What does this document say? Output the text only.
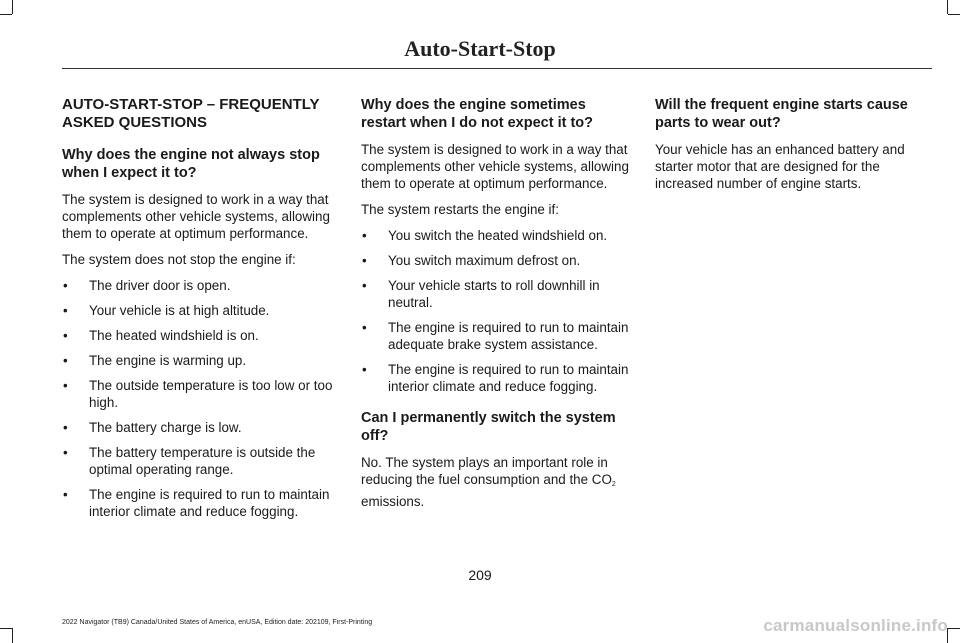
Auto-Start-Stop
AUTO-START-STOP – FREQUENTLY ASKED QUESTIONS
Why does the engine not always stop when I expect it to?

The system is designed to work in a way that complements other vehicle systems, allowing them to operate at optimum performance.

The system does not stop the engine if:

• The driver door is open.
• Your vehicle is at high altitude.
• The heated windshield is on.
• The engine is warming up.
• The outside temperature is too low or too high.
• The battery charge is low.
• The battery temperature is outside the optimal operating range.
• The engine is required to run to maintain interior climate and reduce fogging.
Why does the engine sometimes restart when I do not expect it to?

The system is designed to work in a way that complements other vehicle systems, allowing them to operate at optimum performance.

The system restarts the engine if:

• You switch the heated windshield on.
• You switch maximum defrost on.
• Your vehicle starts to roll downhill in neutral.
• The engine is required to run to maintain adequate brake system assistance.
• The engine is required to run to maintain interior climate and reduce fogging.
Can I permanently switch the system off?

No. The system plays an important role in reducing the fuel consumption and the $CO_2$ emissions.

Will the frequent engine starts cause parts to wear out?

Your vehicle has an enhanced battery and starter motor that are designed for the increased number of engine starts.

209
2022 Navigator (TB9) Canada/United States of America, enUSA, Edition date: 202109, First-Printing	carmanualsonline.info
